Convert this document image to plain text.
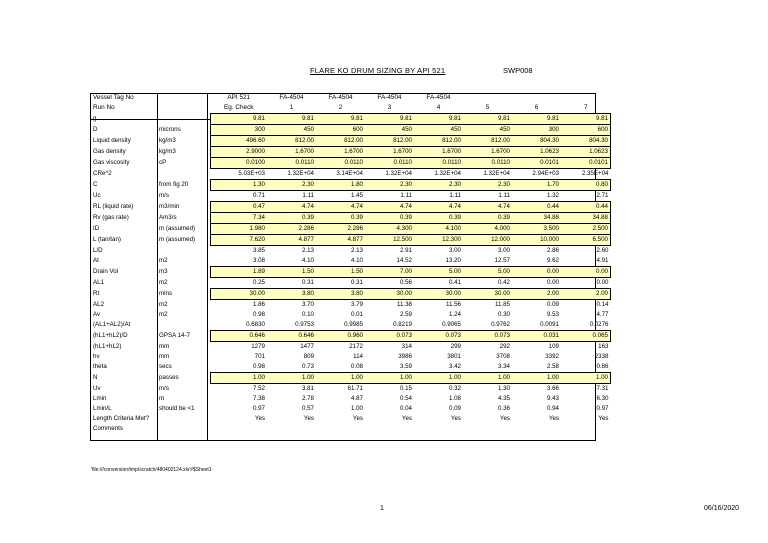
FLARE KO DRUM SIZING BY API 521	SWP008
Vessel Tag No		API 521	FA-4504	FA-4504	FA-4504	FA-4504			
Run No		Eg. Check	1	2	3	4	5	6	7
g		9.81	9.81	9.81	9.81	9.81	9.81	9.81	9.81
D	microns	300	450	600	450	450	450	300	600
Liquid density	kg/m3	496.60	812.00	812.00	812.00	812.00	812.00	804.30	804.30
Gas density	kg/m3	2.9000	1.6700	1.6700	1.6700	1.6700	1.6700	1.0623	1.0623
Gas viscosity	cP	0.0100	0.0110	0.0110	0.0110	0.0110	0.0110	0.0101	0.0101
CRe^2		5.03E+03	1.32E+04	3.14E+04	1.32E+04	1.32E+04	1.32E+04	2.94E+03	2.35E+04
C	from fig 20	1.30	2.30	1.80	2.30	2.30	2.30	1.70	0.80
Uc	m/s	0.71	1.11	1.45	1.11	1.11	1.11	1.32	2.71
RL (liquid rate)	m3/min	0.47	4.74	4.74	4.74	4.74	4.74	0.44	0.44
Rv (gas rate)	Am3/s	7.34	0.39	0.39	0.39	0.39	0.39	34.88	34.88
ID	m (assumed)	1.980	2.286	2.286	4.300	4.100	4.000	3.500	2.500
L (tan/tan)	m (assumed)	7.620	4.877	4.877	12.500	12.300	12.000	10.000	6.500
L/D		3.85	2.13	2.13	2.91	3.00	3.00	2.86	2.60
At	m2	3.08	4.10	4.10	14.52	13.20	12.57	9.62	4.91
Drain Vol	m3	1.89	1.50	1.50	7.00	5.00	5.00	0.00	0.00
AL1	m2	0.25	0.31	0.31	0.56	0.41	0.42	0.00	0.00
Rt	mins	30.00	3.80	3.80	30.00	30.00	30.00	2.00	2.00
AL2	m2	1.86	3.70	3.79	11.38	11.56	11.85	0.09	0.14
Av	m2	0.98	0.10	0.01	2.59	1.24	0.30	9.53	4.77
(AL1+AL2)/At		0.6830	0.9753	0.9985	0.8219	0.9065	0.9762	0.0091	0.0276
(hL1+hL2)/D	GPSA 14-7	0.646	0.646	0.960	0.073	0.073	0.073	0.031	0.065
(hL1+hL2)	mm	1279	1477	2172	314	299	292	109	163
hv	mm	701	809	114	3986	3801	3708	3392	2338
theta	secs	0.98	0.73	0.08	3.59	3.42	3.34	2.58	0.86
N	passes	1.00	1.00	1.00	1.00	1.00	1.00	1.00	1.00
Uv	m/s	7.52	3.81	61.71	0.15	0.32	1.30	3.66	7.31
Lmin	m	7.38	2.78	4.87	0.54	1.08	4.35	9.43	6.30
Lmin/L	should be <1	0.97	0.57	1.00	0.04	0.09	0.36	0.94	0.97
Length Criteria Met?		Yes	Yes	Yes	Yes	Yes	Yes	Yes	Yes
Comments									
'file:///conversion/tmp/scratch/480402124.xls'#$Sheet1
1	06/16/2020
